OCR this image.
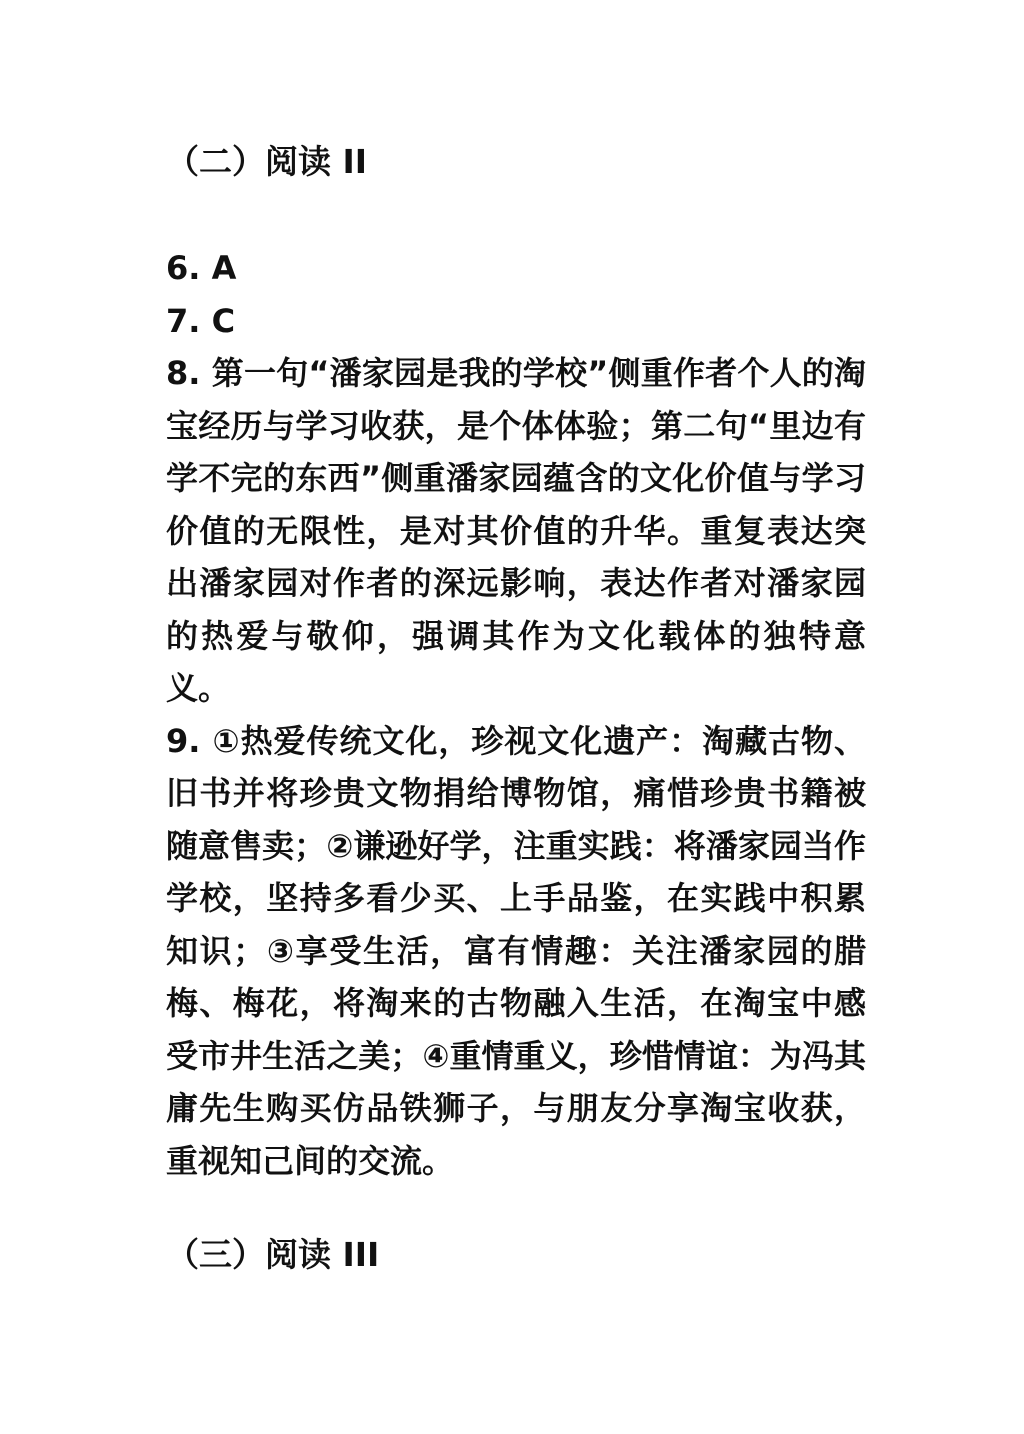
（二）阅读 II
6. A
7. C
8. 第一句“潘家园是我的学校”侧重作者个人的淘宝经历与学习收获，是个体体验；第二句“里边有学不完的东西”侧重潘家园蕴含的文化价值与学习价值的无限性，是对其价值的升华。重复表达突出潘家园对作者的深远影响，表达作者对潘家园的热爱与敬仰，强调其作为文化载体的独特意义。
9. ①热爱传统文化，珍视文化遗产：淘藏古物、旧书并将珍贵文物捐给博物馆，痛惜珍贵书籍被随意售卖；②谦逊好学，注重实践：将潘家园当作学校，坚持多看少买、上手品鉴，在实践中积累知识；③享受生活，富有情趣：关注潘家园的腊梅、梅花，将淘来的古物融入生活，在淘宝中感受市井生活之美；④重情重义，珍惜情谊：为冯其庸先生购买仿品铁狮子，与朋友分享淘宝收获，重视知己间的交流。
（三）阅读 III
